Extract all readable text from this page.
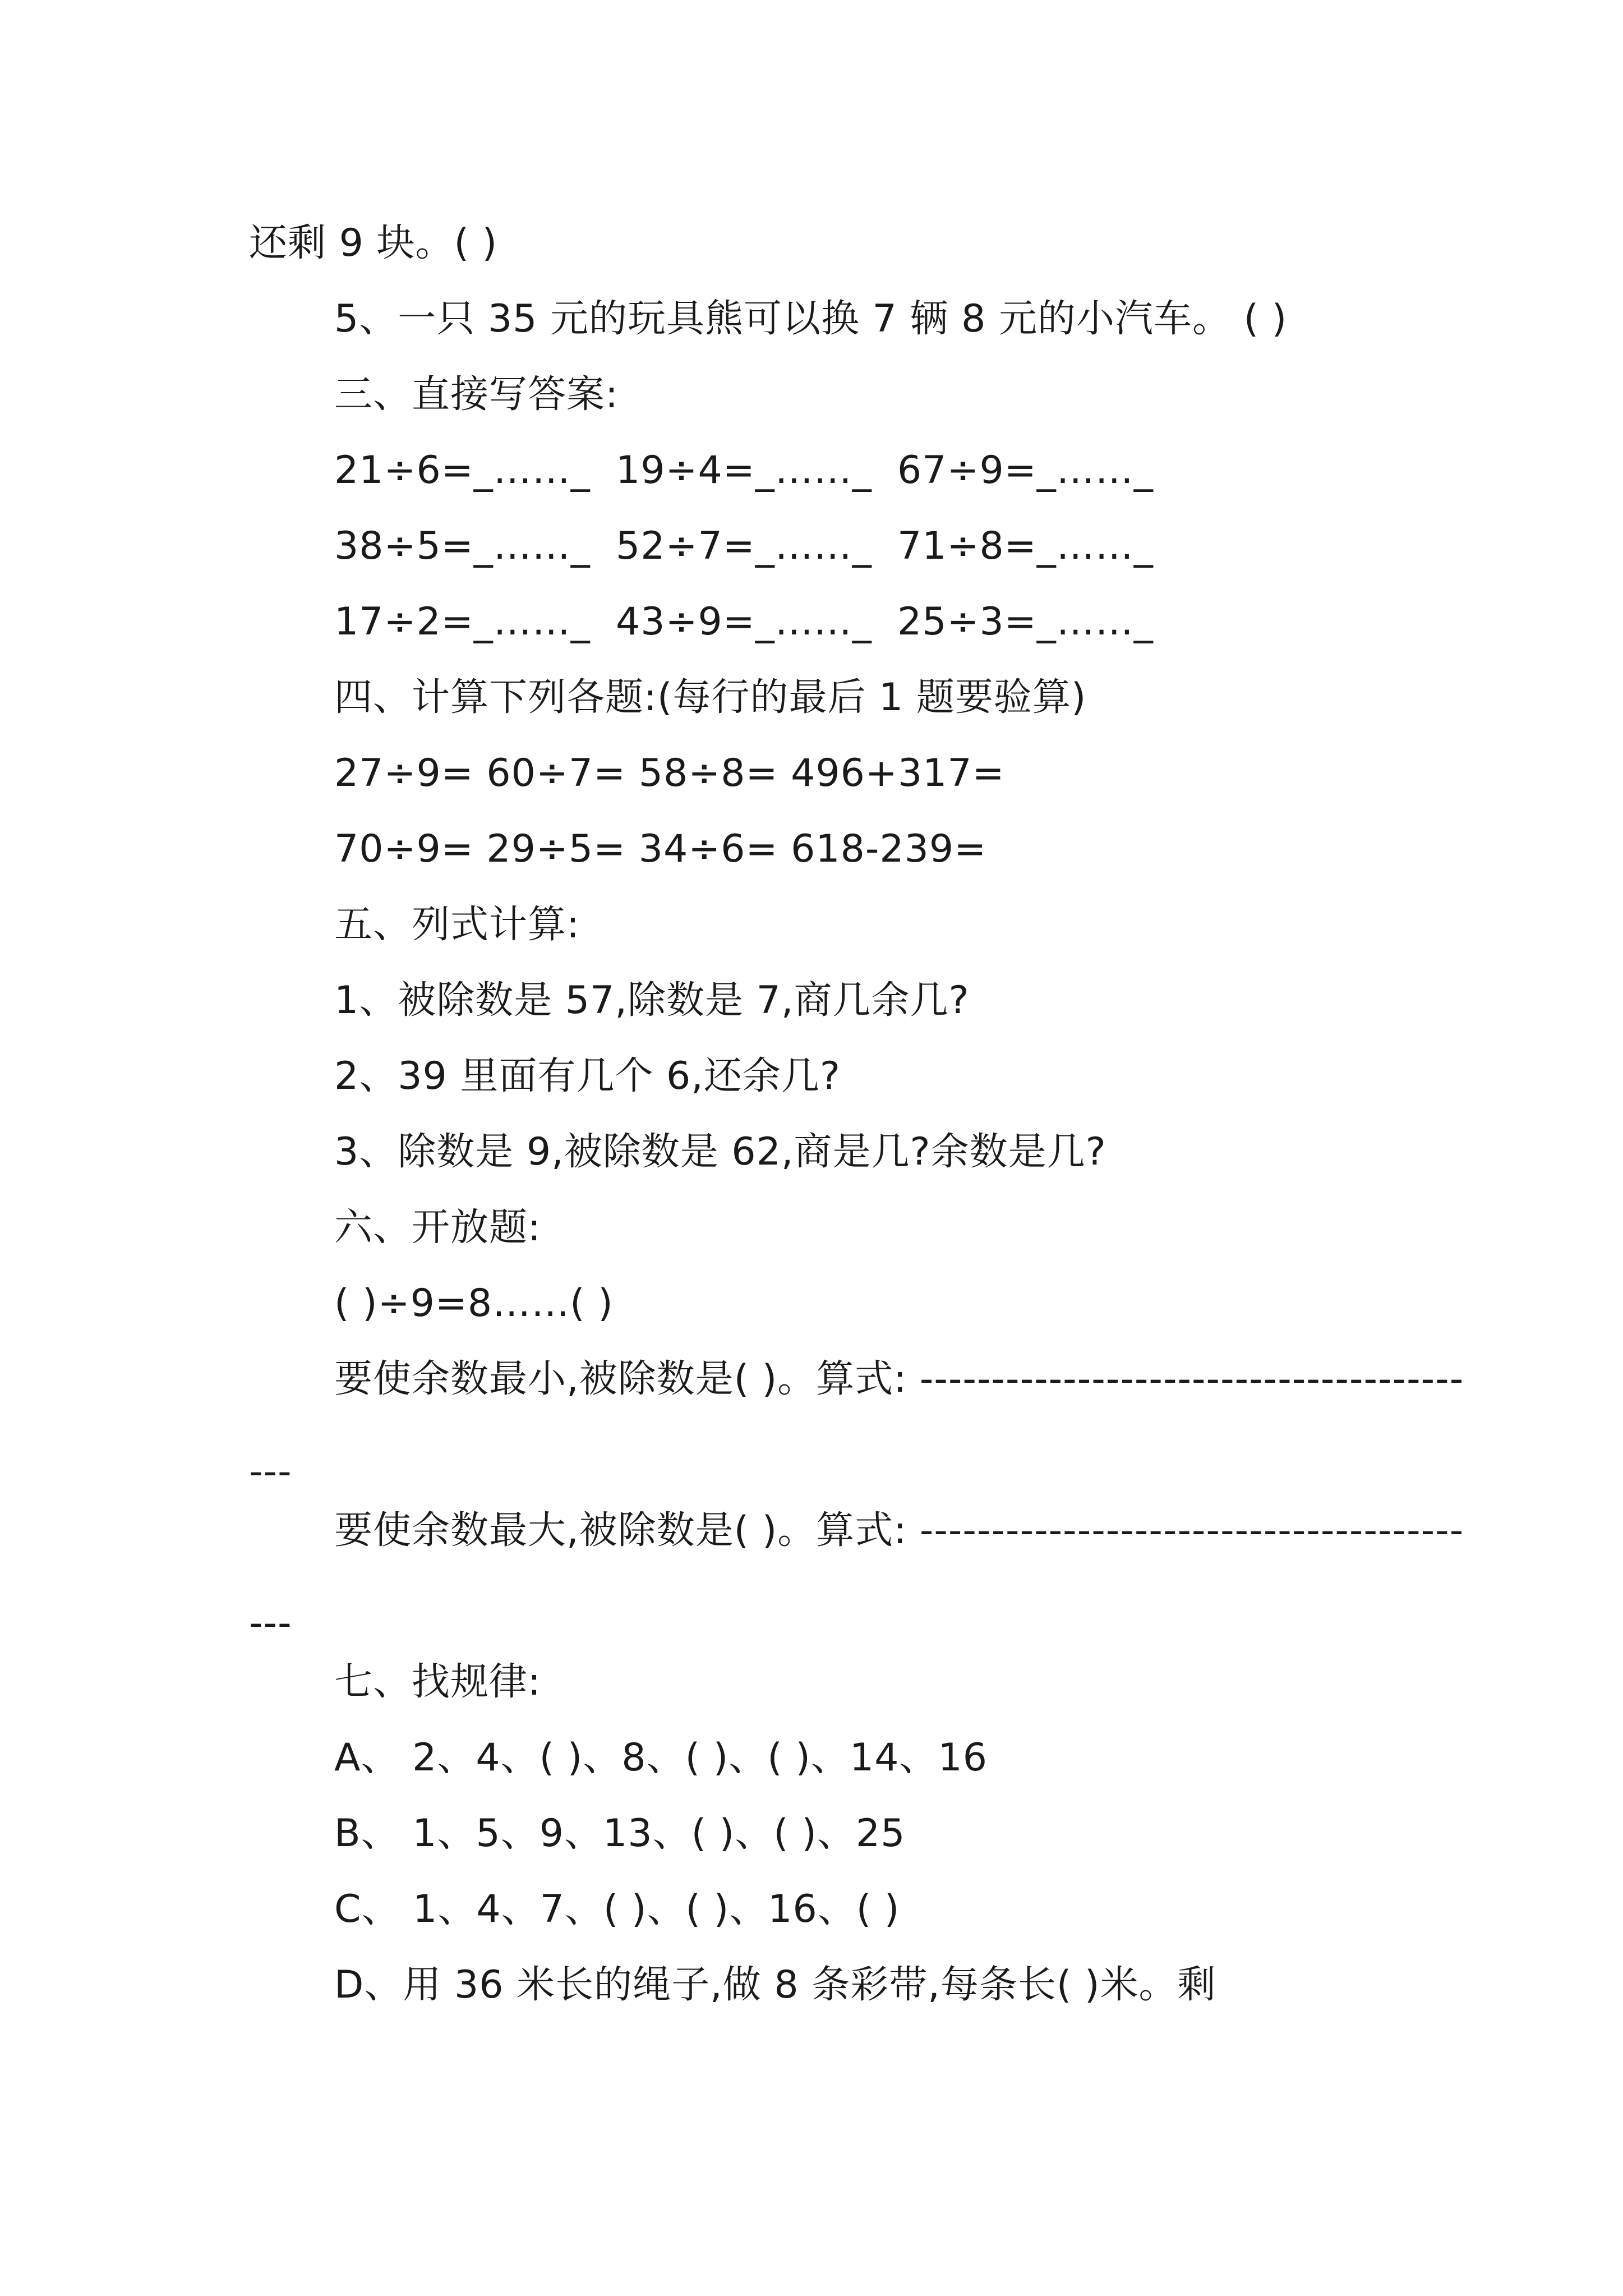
还剩 9 块。( )
5、一只 35 元的玩具熊可以换 7 辆 8 元的小汽车。 ( )
三、直接写答案:
21÷6=_……_  19÷4=_……_  67÷9=_……_
38÷5=_……_  52÷7=_……_  71÷8=_……_
17÷2=_……_  43÷9=_……_  25÷3=_……_
四、计算下列各题:(每行的最后 1 题要验算)
27÷9= 60÷7= 58÷8= 496+317=
70÷9= 29÷5= 34÷6= 618-239=
五、列式计算:
1、被除数是 57,除数是 7,商几余几?
2、39 里面有几个 6,还余几?
3、除数是 9,被除数是 62,商是几?余数是几?
六、开放题:
( )÷9=8……( )
要使余数最小,被除数是( )。算式: --------------------------------------
---
要使余数最大,被除数是( )。算式: --------------------------------------
---
七、找规律:
A、 2、4、( )、8、( )、( )、14、16
B、 1、5、9、13、( )、( )、25
C、 1、4、7、( )、( )、16、( )
D、用 36 米长的绳子,做 8 条彩带,每条长( )米。剩
